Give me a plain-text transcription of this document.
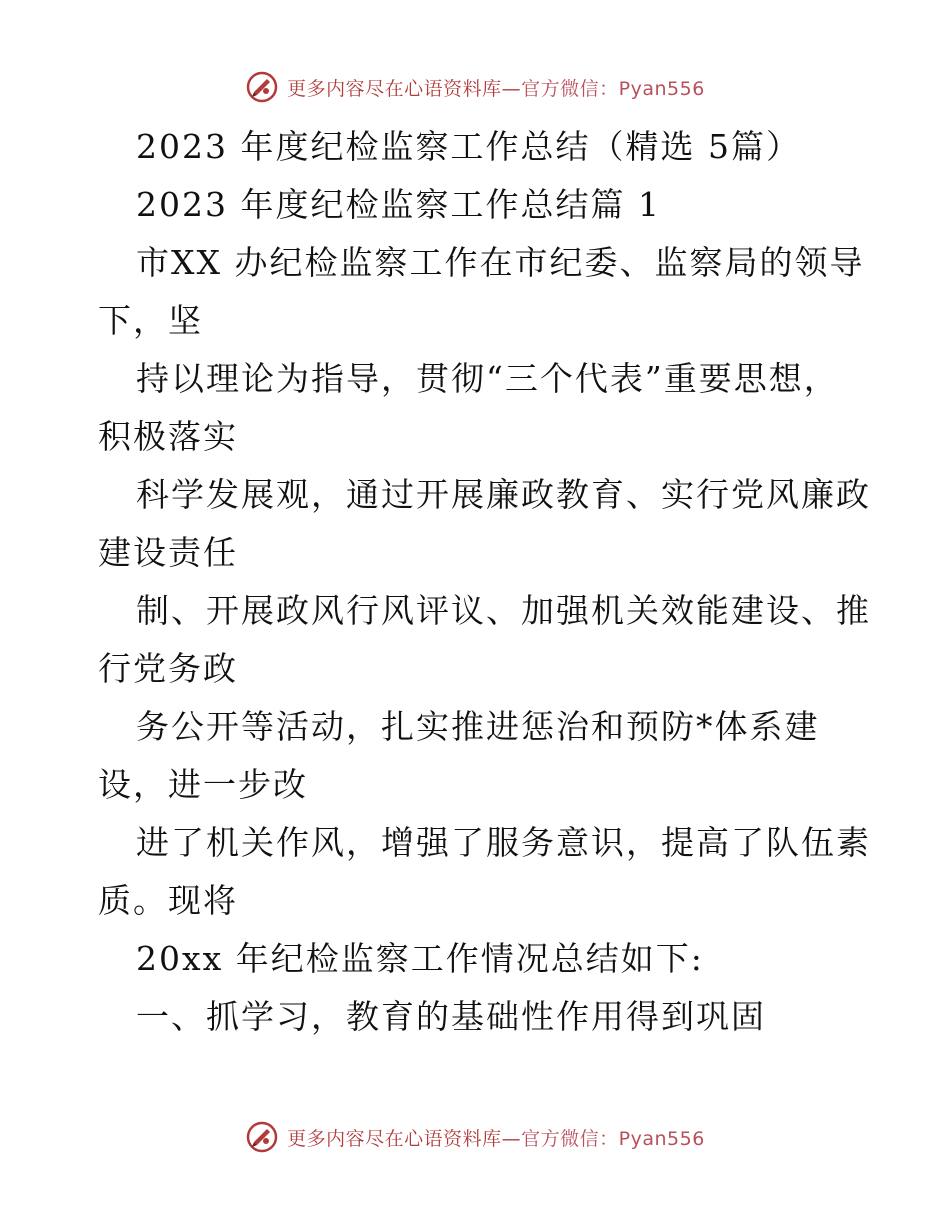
更多内容尽在心语资料库—官方微信：Pyan556
2023 年度纪检监察工作总结（精选 5篇）
2023 年度纪检监察工作总结篇 1
市XX 办纪检监察工作在市纪委、监察局的领导
下，坚
持以理论为指导，贯彻“三个代表”重要思想，
积极落实
科学发展观，通过开展廉政教育、实行党风廉政
建设责任
制、开展政风行风评议、加强机关效能建设、推
行党务政
务公开等活动，扎实推进惩治和预防*体系建
设，进一步改
进了机关作风，增强了服务意识，提高了队伍素
质。现将
20xx 年纪检监察工作情况总结如下:
一、抓学习，教育的基础性作用得到巩固
更多内容尽在心语资料库—官方微信：Pyan556
